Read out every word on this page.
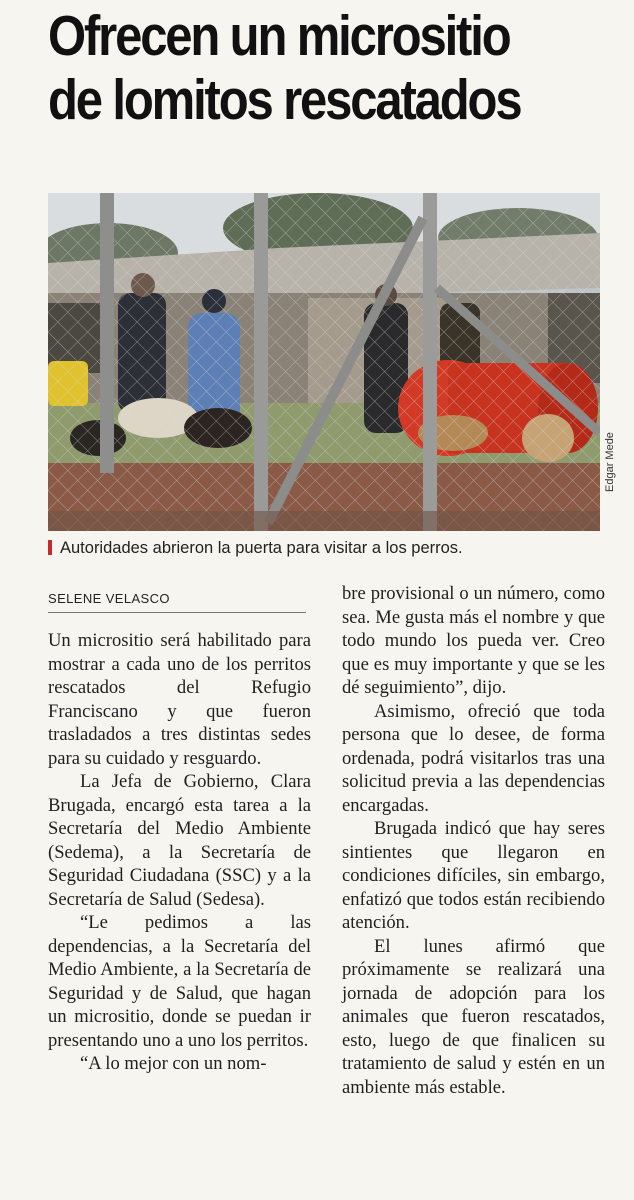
Ofrecen un micrositio
de lomitos rescatados
Edgar Mede
Autoridades abrieron la puerta para visitar a los perros.
SELENE VELASCO

Un micrositio será habilitado para mostrar a cada uno de los perritos rescatados del Refugio Franciscano y que fueron trasladados a tres distintas sedes para su cuidado y resguardo.

La Jefa de Gobierno, Clara Brugada, encargó esta tarea a la Secretaría del Medio Ambiente (Sedema), a la Secretaría de Seguridad Ciudadana (SSC) y a la Secretaría de Salud (Sedesa).

“Le pedimos a las dependencias, a la Secretaría del Medio Ambiente, a la Secretaría de Seguridad y de Salud, que hagan un micrositio, donde se puedan ir presentando uno a uno los perritos.

“A lo mejor con un nom-

bre provisional o un número, como sea. Me gusta más el nombre y que todo mundo los pueda ver. Creo que es muy importante y que se les dé seguimiento”, dijo.

Asimismo, ofreció que toda persona que lo desee, de forma ordenada, podrá visitarlos tras una solicitud previa a las dependencias encargadas.

Brugada indicó que hay seres sintientes que llegaron en condiciones difíciles, sin embargo, enfatizó que todos están recibiendo atención.

El lunes afirmó que próximamente se realizará una jornada de adopción para los animales que fueron rescatados, esto, luego de que finalicen su tratamiento de salud y estén en un ambiente más estable.
